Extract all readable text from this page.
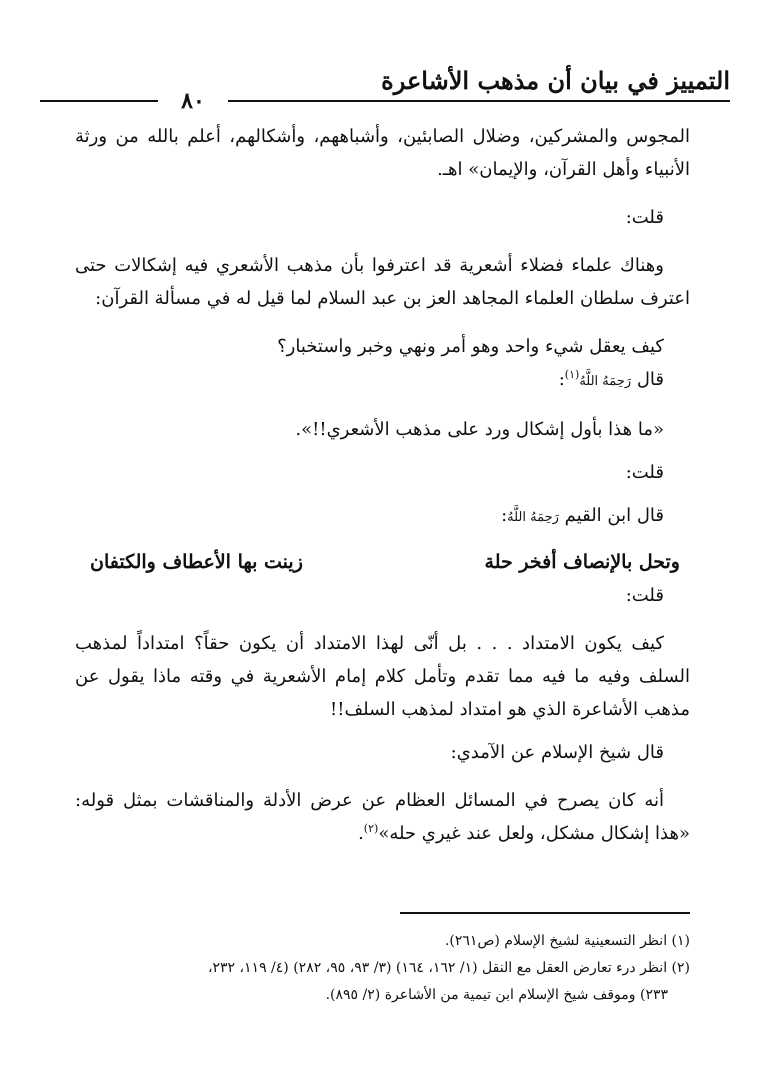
التمييز في بيان أن مذهب الأشاعرة
٨٠
المجوس والمشركين، وضلال الصابئين، وأشباههم، وأشكالهم، أعلم بالله من ورثة الأنبياء وأهل القرآن، والإيمان» اهـ.
قلت:
وهناك علماء فضلاء أشعرية قد اعترفوا بأن مذهب الأشعري فيه إشكالات حتى اعترف سلطان العلماء المجاهد العز بن عبد السلام لما قيل له في مسألة القرآن:
كيف يعقل شيء واحد وهو أمر ونهي وخبر واستخبار؟
قال رَحِمَهُ اللَّهُ$^{(١)}$:
«ما هذا بأول إشكال ورد على مذهب الأشعري!!».
قلت:
قال ابن القيم رَحِمَهُ اللَّهُ:
وتحل بالإنصاف أفخر حلة
زينت بها الأعطاف والكتفان
قلت:
كيف يكون الامتداد . . . بل أنّى لهذا الامتداد أن يكون حقاً؟ امتداداً لمذهب السلف وفيه ما فيه مما تقدم وتأمل كلام إمام الأشعرية في وقته ماذا يقول عن مذهب الأشاعرة الذي هو امتداد لمذهب السلف!!
قال شيخ الإسلام عن الآمدي:
أنه كان يصرح في المسائل العظام عن عرض الأدلة والمناقشات بمثل قوله: «هذا إشكال مشكل، ولعل عند غيري حله»$^{(٢)}$.
(١) انظر التسعينية لشيخ الإسلام (ص٢٦١).
(٢) انظر درء تعارض العقل مع النقل (١/ ١٦٢، ١٦٤) (٣/ ٩٣، ٩٥، ٢٨٢) (٤/ ١١٩، ٢٣٢،
٢٣٣) وموقف شيخ الإسلام ابن تيمية من الأشاعرة (٢/ ٨٩٥).
